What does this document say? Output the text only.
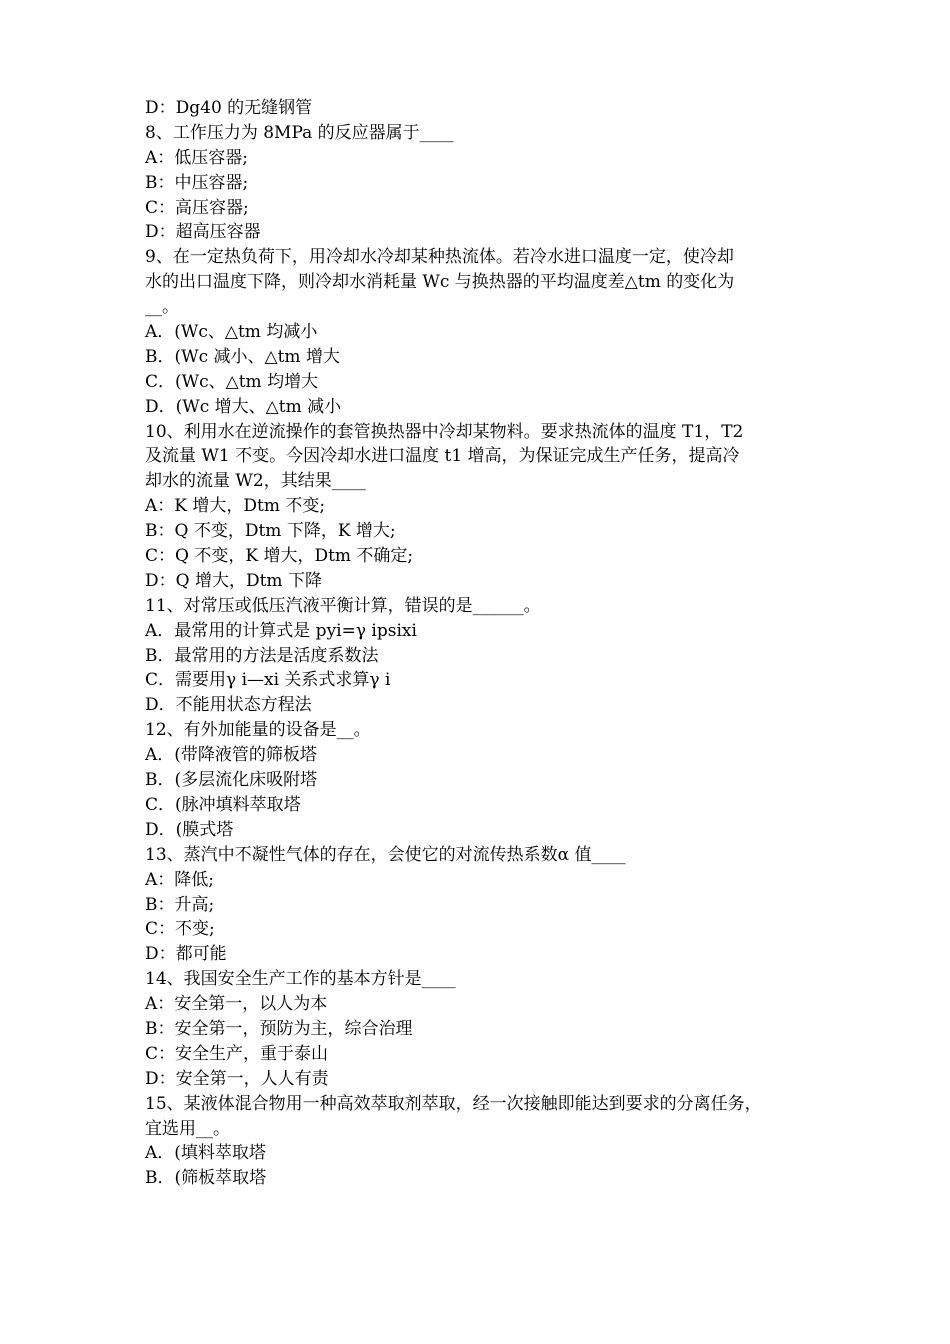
D：Dg40 的无缝钢管
8、工作压力为 8MPa 的反应器属于____
A：低压容器;
B：中压容器;
C：高压容器;
D：超高压容器
9、在一定热负荷下，用冷却水冷却某种热流体。若冷水进口温度一定，使冷却
水的出口温度下降，则冷却水消耗量 Wc 与换热器的平均温度差△tm 的变化为
__。
A．(Wc、△tm 均减小
B．(Wc 减小、△tm 增大
C．(Wc、△tm 均增大
D．(Wc 增大、△tm 减小
10、利用水在逆流操作的套管换热器中冷却某物料。要求热流体的温度 T1，T2
及流量 W1 不变。今因冷却水进口温度 t1 增高，为保证完成生产任务，提高冷
却水的流量 W2，其结果____
A：K 增大，Dtm 不变;
B：Q 不变，Dtm 下降，K 增大;
C：Q 不变，K 增大，Dtm 不确定;
D：Q 增大，Dtm 下降
11、对常压或低压汽液平衡计算，错误的是______。
A．最常用的计算式是 pyi=γ ipsixi
B．最常用的方法是活度系数法
C．需要用γ i—xi 关系式求算γ i
D．不能用状态方程法
12、有外加能量的设备是__。
A．(带降液管的筛板塔
B．(多层流化床吸附塔
C．(脉冲填料萃取塔
D．(膜式塔
13、蒸汽中不凝性气体的存在，会使它的对流传热系数α 值____
A：降低;
B：升高;
C：不变;
D：都可能
14、我国安全生产工作的基本方针是____
A：安全第一，以人为本
B：安全第一，预防为主，综合治理
C：安全生产，重于泰山
D：安全第一，人人有责
15、某液体混合物用一种高效萃取剂萃取，经一次接触即能达到要求的分离任务，
宜选用__。
A．(填料萃取塔
B．(筛板萃取塔
